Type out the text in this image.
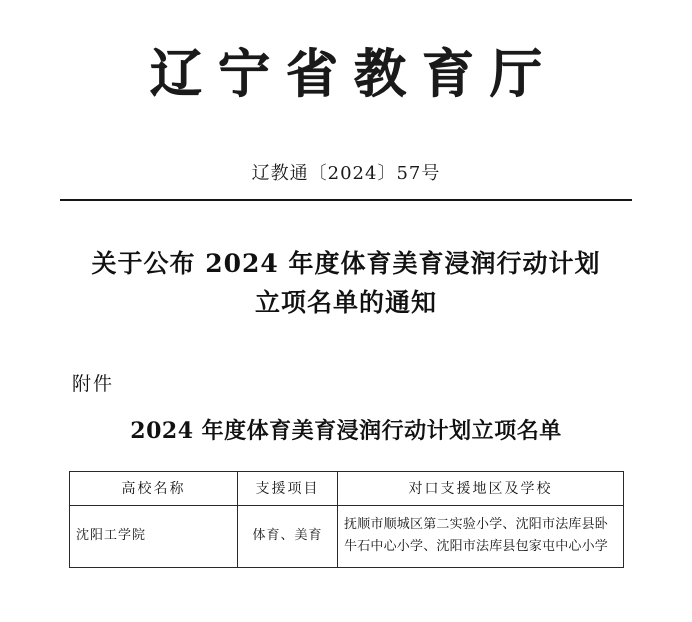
辽宁省教育厅
辽教通〔2024〕57号
关于公布 2024 年度体育美育浸润行动计划
立项名单的通知
附件
2024 年度体育美育浸润行动计划立项名单
高校名称	支援项目	对口支援地区及学校
沈阳工学院	体育、美育	抚顺市顺城区第二实验小学、沈阳市法库县卧牛石中心小学、沈阳市法库县包家屯中心小学
